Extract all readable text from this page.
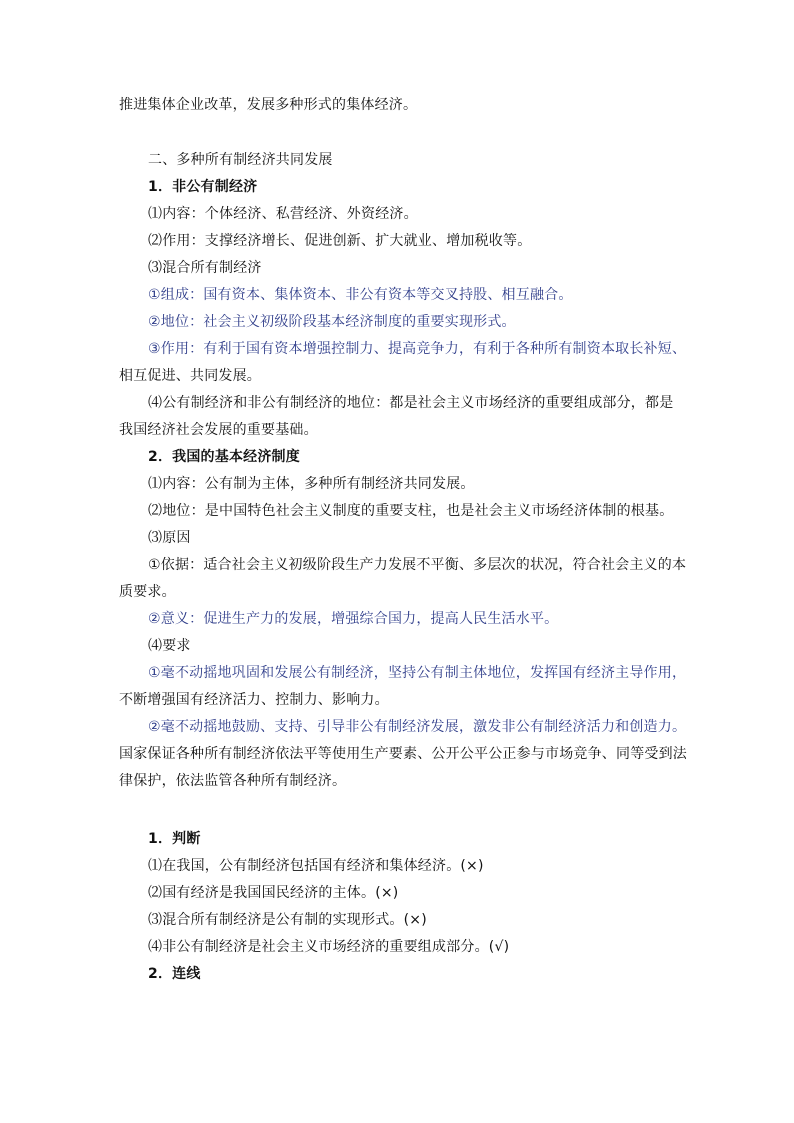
推进集体企业改革，发展多种形式的集体经济。
二、多种所有制经济共同发展
1．非公有制经济
⑴内容：个体经济、私营经济、外资经济。
⑵作用：支撑经济增长、促进创新、扩大就业、增加税收等。
⑶混合所有制经济
①组成：国有资本、集体资本、非公有资本等交叉持股、相互融合。
②地位：社会主义初级阶段基本经济制度的重要实现形式。
③作用：有利于国有资本增强控制力、提高竞争力，有利于各种所有制资本取长补短、
相互促进、共同发展。
⑷公有制经济和非公有制经济的地位：都是社会主义市场经济的重要组成部分，都是
我国经济社会发展的重要基础。
2．我国的基本经济制度
⑴内容：公有制为主体，多种所有制经济共同发展。
⑵地位：是中国特色社会主义制度的重要支柱，也是社会主义市场经济体制的根基。
⑶原因
①依据：适合社会主义初级阶段生产力发展不平衡、多层次的状况，符合社会主义的本
质要求。
②意义：促进生产力的发展，增强综合国力，提高人民生活水平。
⑷要求
①毫不动摇地巩固和发展公有制经济，坚持公有制主体地位，发挥国有经济主导作用，
不断增强国有经济活力、控制力、影响力。
②毫不动摇地鼓励、支持、引导非公有制经济发展，激发非公有制经济活力和创造力。
国家保证各种所有制经济依法平等使用生产要素、公开公平公正参与市场竞争、同等受到法
律保护，依法监管各种所有制经济。
1．判断
⑴在我国，公有制经济包括国有经济和集体经济。(×)
⑵国有经济是我国国民经济的主体。(×)
⑶混合所有制经济是公有制的实现形式。(×)
⑷非公有制经济是社会主义市场经济的重要组成部分。(√)
2．连线
